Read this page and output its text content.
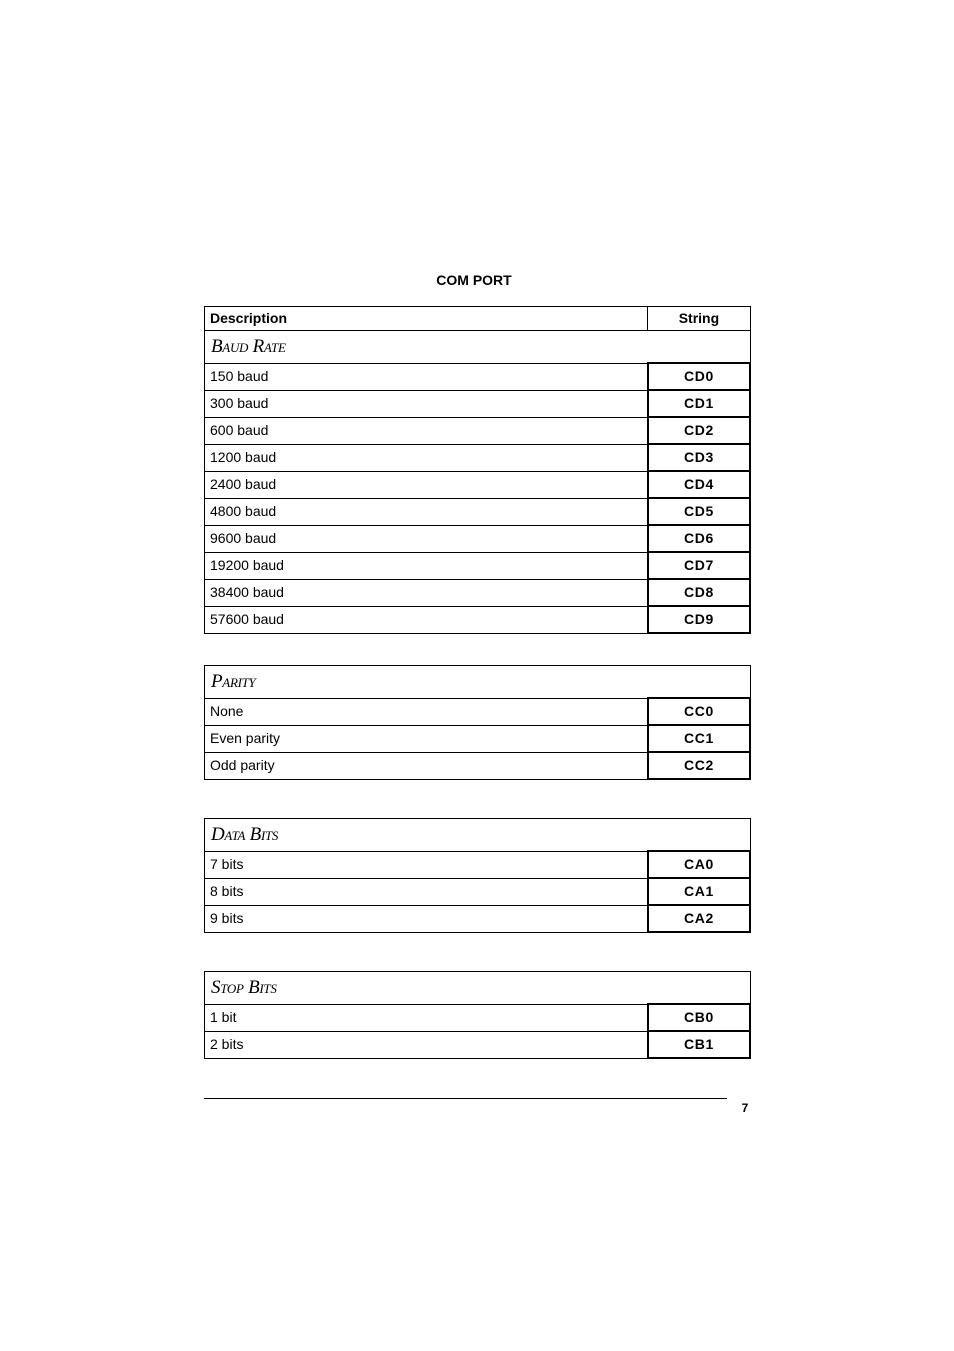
COM PORT
Description	String
Baud Rate	
150 baud	CD0
300 baud	CD1
600 baud	CD2
1200 baud	CD3
2400 baud	CD4
4800 baud	CD5
9600 baud	CD6
19200 baud	CD7
38400 baud	CD8
57600 baud	CD9
Parity	
None	CC0
Even parity	CC1
Odd parity	CC2
Data Bits	
7 bits	CA0
8 bits	CA1
9 bits	CA2
Stop Bits	
1 bit	CB0
2 bits	CB1
7
